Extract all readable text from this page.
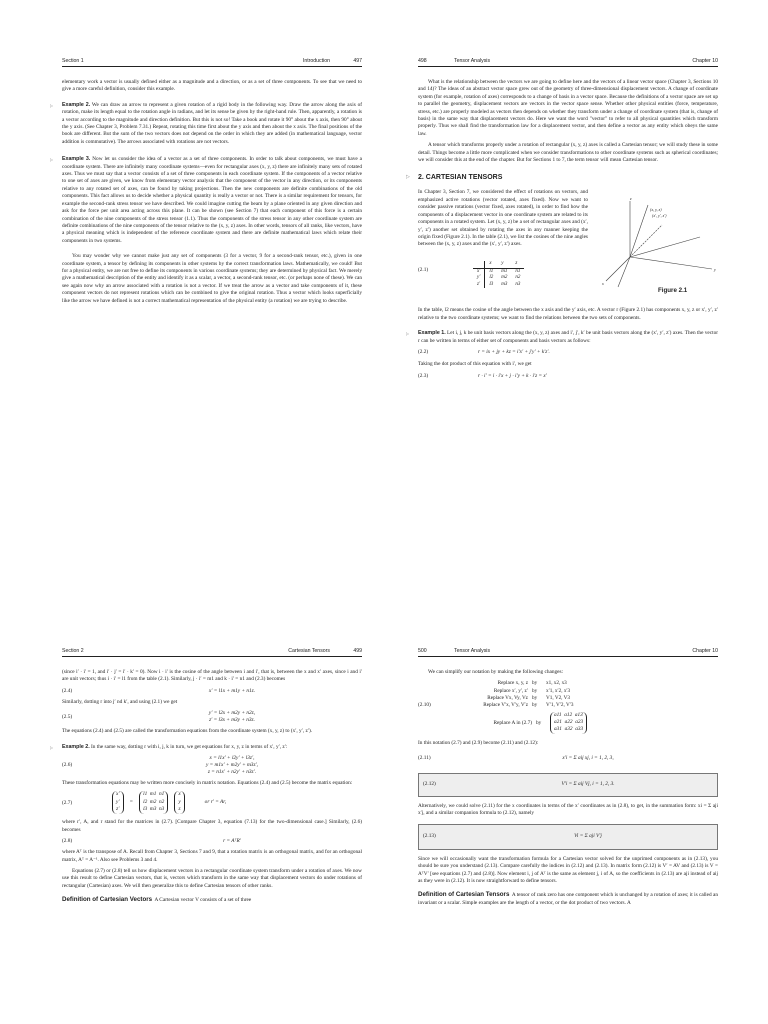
Section 1	Introduction	497

elementary work a vector is usually defined either as a magnitude and a direction, or as a set of three components. To see that we need to give a more careful definition, consider this example.

▷ Example 2. We can draw an arrow to represent a given rotation of a rigid body in the following way. Draw the arrow along the axis of rotation, make its length equal to the rotation angle in radians, and let its sense be given by the right-hand rule. Then, apparently, a rotation is a vector according to the magnitude and direction definition. But this is not so! Take a book and rotate it 90° about the x axis, then 90° about the y axis. (See Chapter 3, Problem 7.31.) Repeat, rotating this time first about the y axis and then about the x axis. The final positions of the book are different. But the sum of the two vectors does not depend on the order in which they are added (in mathematical language, vector addition is commutative). The arrows associated with rotations are not vectors.
▷ Example 3. Now let us consider the idea of a vector as a set of three components. In order to talk about components, we must have a coordinate system. There are infinitely many coordinate systems—even for rectangular axes (x, y, z) there are infinitely many sets of rotated axes. Thus we must say that a vector consists of a set of three components in each coordinate system. If the components of a vector relative to one set of axes are given, we know from elementary vector analysis that the component of the vector in any direction, or its components relative to any rotated set of axes, can be found by taking projections. Then the new components are definite combinations of the old components. This fact allows us to decide whether a physical quantity is really a vector or not. There is a similar requirement for tensors, for example the second-rank stress tensor we have described. We could imagine cutting the beam by a plane oriented in any given direction and ask for the force per unit area acting across this plane. It can be shown (see Section 7) that each component of this force is a certain combination of the nine components of the stress tensor (1.1). Thus the components of the stress tensor in any other coordinate system are definite combinations of the nine components of the tensor relative to the (x, y, z) axes. In other words, tensors of all ranks, like vectors, have a physical meaning which is independent of the reference coordinate system and there are definite mathematical laws which relate their components in two systems.

You may wonder why we cannot make just any set of components (3 for a vector, 9 for a second-rank tensor, etc.), given in one coordinate system, a tensor by defining its components in other systems by the correct transformation laws. Mathematically, we could! But for a physical entity, we are not free to define its components in various coordinate systems; they are determined by physical fact. We merely give a mathematical description of the entity and identify it as a scalar, a vector, a second-rank tensor, etc. (or perhaps none of these). We can see again now why an arrow associated with a rotation is not a vector. If we treat the arrow as a vector and take components of it, these component vectors do not represent rotations which can be combined to give the original rotation. Thus a vector which looks superficially like the arrow we have defined is not a correct mathematical representation of the physical entity (a rotation) we are trying to describe.

498	Tensor Analysis	Chapter 10

What is the relationship between the vectors we are going to define here and the vectors of a linear vector space (Chapter 3, Sections 10 and 14)? The ideas of an abstract vector space grew out of the geometry of three-dimensional displacement vectors. A change of coordinate system (for example, rotation of axes) corresponds to a change of basis in a vector space. Because the definitions of a vector space are set up to parallel the geometry, displacement vectors are vectors in the vector space sense. Whether other physical entities (force, temperature, stress, etc.) are properly modeled as vectors then depends on whether they transform under a change of coordinate system (that is, change of basis) in the same way that displacement vectors do. Here we want the word "vector" to refer to all physical quantities which transform properly. Thus we shall find the transformation law for a displacement vector, and then define a vector as any entity which obeys the same law.

A tensor which transforms properly under a rotation of rectangular (x, y, z) axes is called a Cartesian tensor; we will study these in some detail. Things become a little more complicated when we consider transformations to other coordinate systems such as spherical coordinates; we will consider this at the end of the chapter. But for Sections 1 to 7, the term tensor will mean Cartesian tensor.

▷ 2. CARTESIAN TENSORS

In Chapter 3, Section 7, we considered the effect of rotations on vectors, and emphasized active rotations (vector rotated, axes fixed). Now we want to consider passive rotations (vector fixed, axes rotated), in order to find how the components of a displacement vector in one coordinate system are related to its components in a rotated system. Let (x, y, z) be a set of rectangular axes and (x′, y′, z′) another set obtained by rotating the axes in any manner keeping the origin fixed (Figure 2.1). In the table (2.1), we list the cosines of the nine angles between the (x, y, z) axes and the (x′, y′, z′) axes.

(x, y, z)
(x′, y′, z′)
y
z
x
(2.1)
	x	y	z
x′	l1	m1	n1
y′	l2	m2	n2
z′	l3	m3	n3
Figure 2.1

In the table, l2 means the cosine of the angle between the x axis and the y′ axis, etc. A vector r (Figure 2.1) has components x, y, z or x′, y′, z′ relative to the two coordinate systems; we want to find the relations between the two sets of components.

▷ Example 1. Let i, j, k be unit basis vectors along the (x, y, z) axes and i′, j′, k′ be unit basis vectors along the (x′, y′, z′) axes. Then the vector r can be written in terms of either set of components and basis vectors as follows:
(2.2)	r = ix + jy + kz = i′x′ + j′y′ + k′z′.

Taking the dot product of this equation with i′, we get

(2.3)	r · i′ = i · i′x + j · i′y + k · i′z = x′
Section 2	Cartesian Tensors	499

(since i′ · i′ = 1, and i′ · j′ = i′ · k′ = 0). Now i · i′ is the cosine of the angle between i and i′, that is, between the x and x′ axes, since i and i′ are unit vectors; thus i · i′ = l1 from the table (2.1). Similarly, j · i′ = m1 and k · i′ = n1 and (2.3) becomes

(2.4)	x′ = l1x + m1y + n1z.

Similarly, dotting r into j′ nd k′, and using (2.1) we get

(2.5)
y′ = l2x + m2y + n2z,
z′ = l3x + m3y + n3z.

The equations (2.4) and (2.5) are called the transformation equations from the coordinate system (x, y, z) to (x′, y′, z′).

▷ Example 2. In the same way, dotting r with i, j, k in turn, we get equations for x, y, z in terms of x′, y′, z′:
(2.6)
x = l1x′ + l2y′ + l3z′,
y = m1x′ + m2y′ + m3z′,
z = n1x′ + n2y′ + n3z′.

These transformation equations may be written more concisely in matrix notation. Equations (2.4) and (2.5) become the matrix equation:

(2.7)
x′
y′
z′
=
l1 m1 n1
l2 m2 n2
l3 m3 n3
x
y
z
or r′ = Ar,

where r′, A, and r stand for the matrices in (2.7). [Compare Chapter 3, equation (7.13) for the two-dimensional case.] Similarly, (2.6) becomes

(2.8)	r = AᵀR′

where Aᵀ is the transpose of A. Recall from Chapter 3, Sections 7 and 9, that a rotation matrix is an orthogonal matrix, and for an orthogonal matrix, Aᵀ = A⁻¹. Also see Problems 3 and 4.

Equations (2.7) or (2.8) tell us how displacement vectors in a rectangular coordinate system transform under a rotation of axes. We now use this result to define Cartesian vectors, that is, vectors which transform in the same way that displacement vectors do under rotations of rectangular (Cartesian) axes. We will then generalize this to define Cartesian tensors of other ranks.

Definition of Cartesian Vectors A Cartesian vector V consists of a set of three

500	Tensor Analysis	Chapter 10

We can simplify our notation by making the following changes:

Replace x, y, z by	x1, x2, x3
Replace x′, y′, z′ by	x′1, x′2, x′3
Replace Vx, Vy, Vz by	V1, V2, V3
Replace V′x, V′y, V′z by	V′1, V′2, V′3
(2.10)
Replace A in (2.7) by
a11 a12 a13
a21 a22 a23
a31 a32 a33

In this notation (2.7) and (2.9) become (2.11) and (2.12):

(2.11)	x′i = Σ aij xj, i = 1, 2, 3,
(2.12)	V′i = Σ aij Vj, i = 1, 2, 3.

Alternatively, we could solve (2.11) for the x coordinates in terms of the x′ coordinates as in (2.8), to get, in the summation form: xi = Σ aji x′j, and a similar companion formula to (2.12), namely

(2.13)	Vi = Σ aji V′j

Since we will occasionally want the transformation formula for a Cartesian vector solved for the unprimed components as in (2.13), you should be sure you understand (2.13). Compare carefully the indices in (2.12) and (2.13). In matrix form (2.12) is V′ = AV and (2.13) is V = AᵀV′ [see equations (2.7) and (2.8)]. Now element i, j of Aᵀ is the same as element j, i of A, so the coefficients in (2.13) are aji instead of aij as they were in (2.12). It is now straightforward to define tensors.

Definition of Cartesian Tensors A tensor of rank zero has one component which is unchanged by a rotation of axes; it is called an invariant or a scalar. Simple examples are the length of a vector, or the dot product of two vectors. A
